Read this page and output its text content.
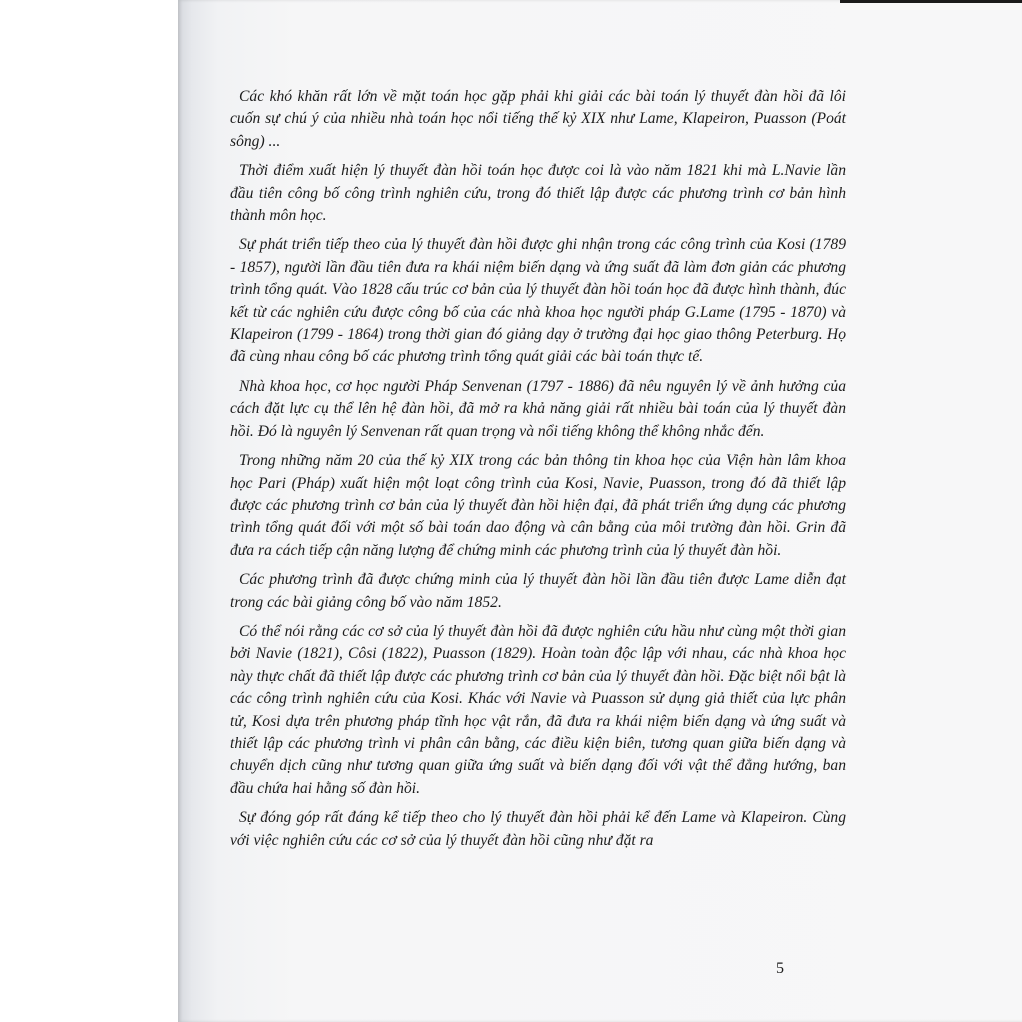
Các khó khăn rất lớn về mặt toán học gặp phải khi giải các bài toán lý thuyết đàn hồi đã lôi cuốn sự chú ý của nhiều nhà toán học nổi tiếng thế kỷ XIX như Lame, Klapeiron, Puasson (Poát sông) ...

Thời điểm xuất hiện lý thuyết đàn hồi toán học được coi là vào năm 1821 khi mà L.Navie lần đầu tiên công bố công trình nghiên cứu, trong đó thiết lập được các phương trình cơ bản hình thành môn học.

Sự phát triển tiếp theo của lý thuyết đàn hồi được ghi nhận trong các công trình của Kosi (1789 - 1857), người lần đầu tiên đưa ra khái niệm biến dạng và ứng suất đã làm đơn giản các phương trình tổng quát. Vào 1828 cấu trúc cơ bản của lý thuyết đàn hồi toán học đã được hình thành, đúc kết từ các nghiên cứu được công bố của các nhà khoa học người pháp G.Lame (1795 - 1870) và Klapeiron (1799 - 1864) trong thời gian đó giảng dạy ở trường đại học giao thông Peterburg. Họ đã cùng nhau công bố các phương trình tổng quát giải các bài toán thực tế.

Nhà khoa học, cơ học người Pháp Senvenan (1797 - 1886) đã nêu nguyên lý về ảnh hưởng của cách đặt lực cụ thể lên hệ đàn hồi, đã mở ra khả năng giải rất nhiều bài toán của lý thuyết đàn hồi. Đó là nguyên lý Senvenan rất quan trọng và nổi tiếng không thể không nhắc đến.

Trong những năm 20 của thế kỷ XIX trong các bản thông tin khoa học của Viện hàn lâm khoa học Pari (Pháp) xuất hiện một loạt công trình của Kosi, Navie, Puasson, trong đó đã thiết lập được các phương trình cơ bản của lý thuyết đàn hồi hiện đại, đã phát triển ứng dụng các phương trình tổng quát đối với một số bài toán dao động và cân bằng của môi trường đàn hồi. Grin đã đưa ra cách tiếp cận năng lượng để chứng minh các phương trình của lý thuyết đàn hồi.

Các phương trình đã được chứng minh của lý thuyết đàn hồi lần đầu tiên được Lame diễn đạt trong các bài giảng công bố vào năm 1852.

Có thể nói rằng các cơ sở của lý thuyết đàn hồi đã được nghiên cứu hầu như cùng một thời gian bởi Navie (1821), Côsi (1822), Puasson (1829). Hoàn toàn độc lập với nhau, các nhà khoa học này thực chất đã thiết lập được các phương trình cơ bản của lý thuyết đàn hồi. Đặc biệt nổi bật là các công trình nghiên cứu của Kosi. Khác với Navie và Puasson sử dụng giả thiết của lực phân tử, Kosi dựa trên phương pháp tĩnh học vật rắn, đã đưa ra khái niệm biến dạng và ứng suất và thiết lập các phương trình vi phân cân bằng, các điều kiện biên, tương quan giữa biến dạng và chuyển dịch cũng như tương quan giữa ứng suất và biến dạng đối với vật thể đẳng hướng, ban đầu chứa hai hằng số đàn hồi.

Sự đóng góp rất đáng kể tiếp theo cho lý thuyết đàn hồi phải kể đến Lame và Klapeiron. Cùng với việc nghiên cứu các cơ sở của lý thuyết đàn hồi cũng như đặt ra

5
